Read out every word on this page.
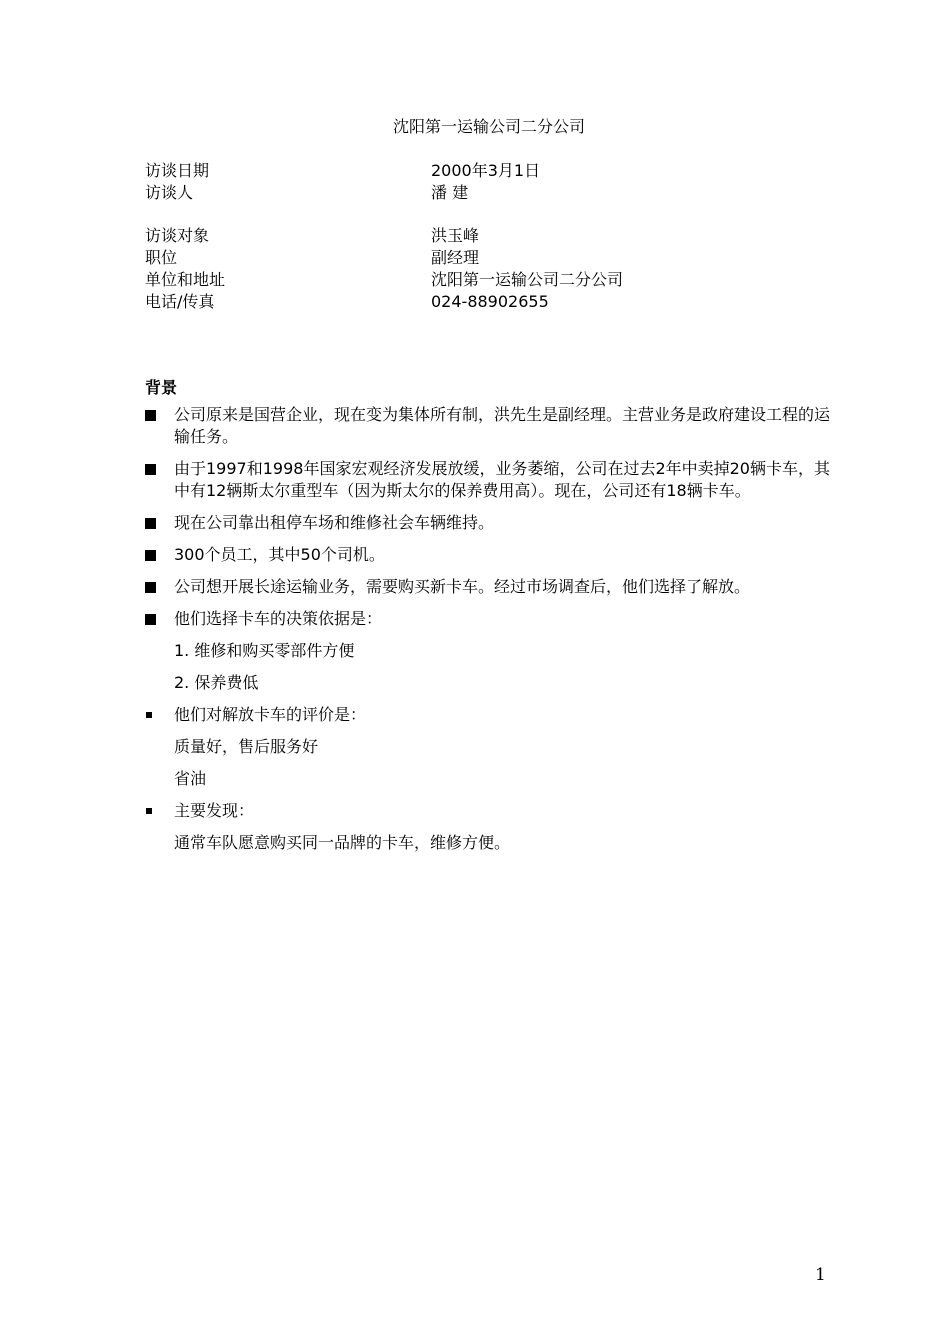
沈阳第一运输公司二分公司
访谈日期	2000年3月1日
访谈人	潘 建
访谈对象	洪玉峰
职位	副经理
单位和地址	沈阳第一运输公司二分公司
电话/传真	024-88902655
背景
公司原来是国营企业，现在变为集体所有制，洪先生是副经理。主营业务是政府建设工程的运输任务。
由于1997和1998年国家宏观经济发展放缓，业务萎缩，公司在过去2年中卖掉20辆卡车，其中有12辆斯太尔重型车（因为斯太尔的保养费用高）。现在，公司还有18辆卡车。
现在公司靠出租停车场和维修社会车辆维持。
300个员工，其中50个司机。
公司想开展长途运输业务，需要购买新卡车。经过市场调查后，他们选择了解放。
他们选择卡车的决策依据是：
1. 维修和购买零部件方便
2. 保养费低
他们对解放卡车的评价是：
质量好，售后服务好
省油
主要发现：
通常车队愿意购买同一品牌的卡车，维修方便。
1
